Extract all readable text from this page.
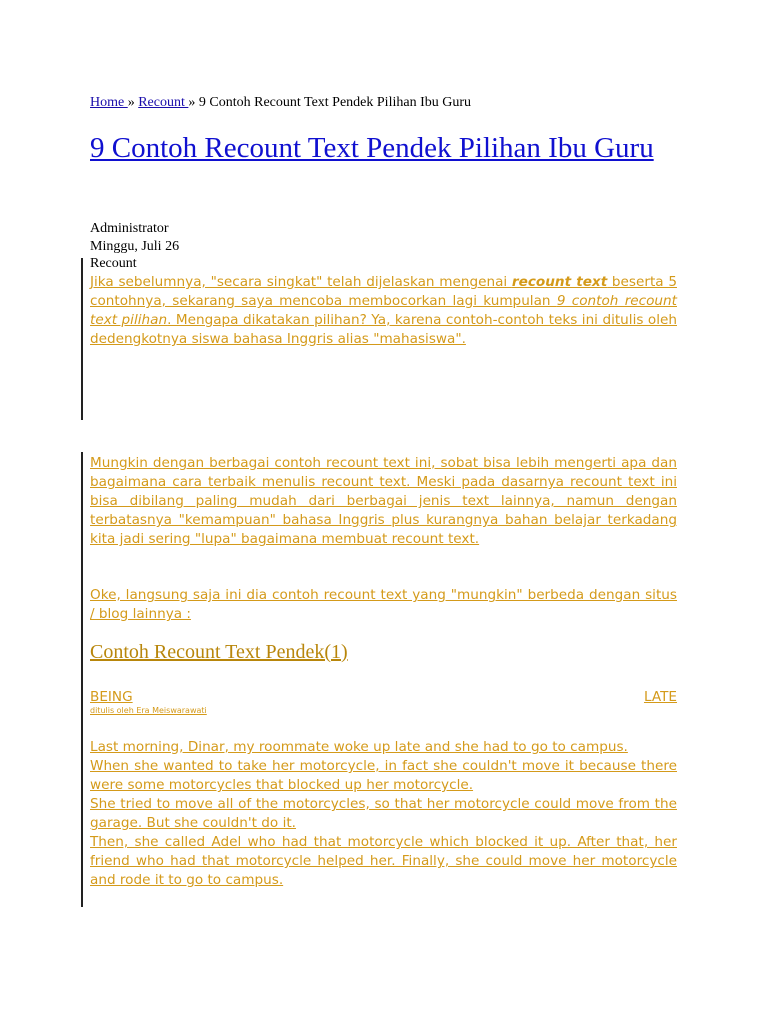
Home » Recount » 9 Contoh Recount Text Pendek Pilihan Ibu Guru
9 Contoh Recount Text Pendek Pilihan Ibu Guru
Administrator
Minggu, Juli 26
Recount

Jika sebelumnya, "secara singkat" telah dijelaskan mengenai recount text beserta 5 contohnya, sekarang saya mencoba membocorkan lagi kumpulan 9 contoh recount text pilihan. Mengapa dikatakan pilihan? Ya, karena contoh-contoh teks ini ditulis oleh dedengkotnya siswa bahasa Inggris alias "mahasiswa".

Mungkin dengan berbagai contoh recount text ini, sobat bisa lebih mengerti apa dan bagaimana cara terbaik menulis recount text. Meski pada dasarnya recount text ini bisa dibilang paling mudah dari berbagai jenis text lainnya, namun dengan terbatasnya "kemampuan" bahasa Inggris plus kurangnya bahan belajar terkadang kita jadi sering "lupa" bagaimana membuat recount text.

Oke, langsung saja ini dia contoh recount text yang "mungkin" berbeda dengan situs / blog lainnya :

Contoh Recount Text Pendek(1)
BEING	LATE
ditulis oleh Era Meiswarawati

Last morning, Dinar, my roommate woke up late and she had to go to campus.
When she wanted to take her motorcycle, in fact she couldn't move it because there were some motorcycles that blocked up her motorcycle.
She tried to move all of the motorcycles, so that her motorcycle could move from the garage. But she couldn't do it.
Then, she called Adel who had that motorcycle which blocked it up. After that, her friend who had that motorcycle helped her. Finally, she could move her motorcycle and rode it to go to campus.
